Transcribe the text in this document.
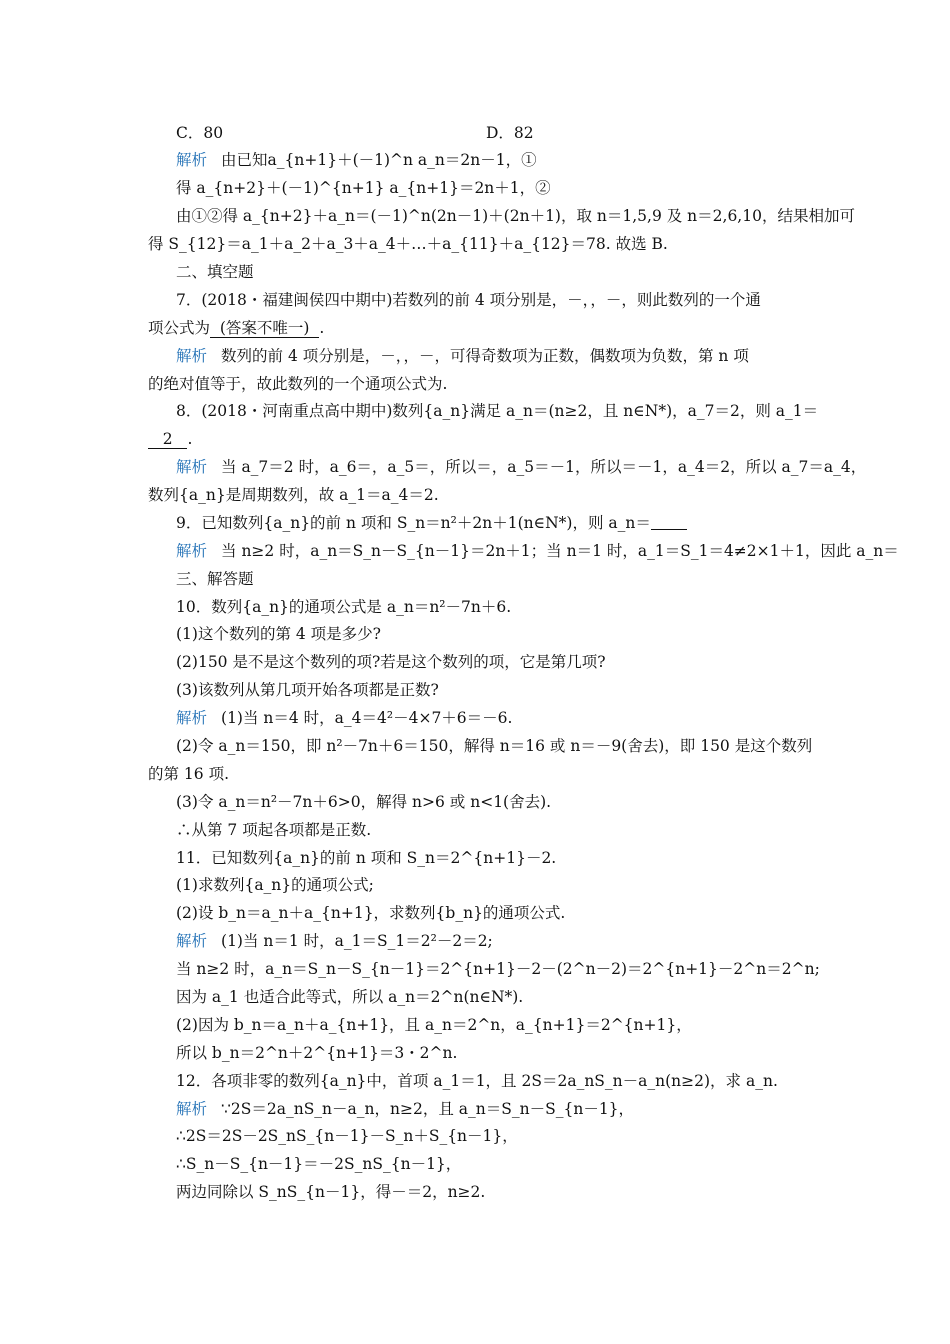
C．80	D．82
解析 由已知a_{n+1}＋(－1)^n a_n＝2n－1，①
得 a_{n+2}＋(－1)^{n+1} a_{n+1}＝2n＋1，②
由①②得 a_{n+2}＋a_n＝(－1)^n(2n－1)＋(2n＋1)，取 n＝1,5,9 及 n＝2,6,10，结果相加可
得 S_{12}＝a_1＋a_2＋a_3＋a_4＋…＋a_{11}＋a_{12}＝78. 故选 B.
二、填空题
7．(2018・福建闽侯四中期中)若数列的前 4 项分别是，－，，－，则此数列的一个通
项公式为 (答案不唯一) .
解析 数列的前 4 项分别是，－，，－，可得奇数项为正数，偶数项为负数，第 n 项
的绝对值等于，故此数列的一个通项公式为.
8．(2018・河南重点高中期中)数列{a_n}满足 a_n＝(n≥2，且 n∈N*)，a_7＝2，则 a_1＝
2 .
解析 当 a_7＝2 时，a_6＝，a_5＝，所以＝，a_5＝－1，所以＝－1，a_4＝2，所以 a_7＝a_4，
数列{a_n}是周期数列，故 a_1＝a_4＝2.
9．已知数列{a_n}的前 n 项和 S_n＝n²＋2n＋1(n∈N*)，则 a_n＝
解析 当 n≥2 时，a_n＝S_n－S_{n－1}＝2n＋1；当 n＝1 时，a_1＝S_1＝4≠2×1＋1，因此 a_n＝
三、解答题
10．数列{a_n}的通项公式是 a_n＝n²－7n＋6.
(1)这个数列的第 4 项是多少?
(2)150 是不是这个数列的项?若是这个数列的项，它是第几项?
(3)该数列从第几项开始各项都是正数?
解析 (1)当 n＝4 时，a_4＝4²－4×7＋6＝－6.
(2)令 a_n＝150，即 n²－7n＋6＝150，解得 n＝16 或 n＝－9(舍去)，即 150 是这个数列
的第 16 项.
(3)令 a_n＝n²－7n＋6>0，解得 n>6 或 n<1(舍去).
∴从第 7 项起各项都是正数.
11．已知数列{a_n}的前 n 项和 S_n＝2^{n+1}－2.
(1)求数列{a_n}的通项公式;
(2)设 b_n＝a_n＋a_{n+1}，求数列{b_n}的通项公式.
解析 (1)当 n＝1 时，a_1＝S_1＝2²－2＝2;
当 n≥2 时，a_n＝S_n－S_{n－1}＝2^{n+1}－2－(2^n－2)＝2^{n+1}－2^n＝2^n;
因为 a_1 也适合此等式，所以 a_n＝2^n(n∈N*).
(2)因为 b_n＝a_n＋a_{n+1}，且 a_n＝2^n，a_{n+1}＝2^{n+1}，
所以 b_n＝2^n＋2^{n+1}＝3・2^n.
12．各项非零的数列{a_n}中，首项 a_1＝1，且 2S＝2a_nS_n－a_n(n≥2)，求 a_n.
解析 ∵2S＝2a_nS_n－a_n，n≥2，且 a_n＝S_n－S_{n－1}，
∴2S＝2S－2S_nS_{n－1}－S_n＋S_{n－1}，
∴S_n－S_{n－1}＝－2S_nS_{n－1}，
两边同除以 S_nS_{n－1}，得－＝2，n≥2.
